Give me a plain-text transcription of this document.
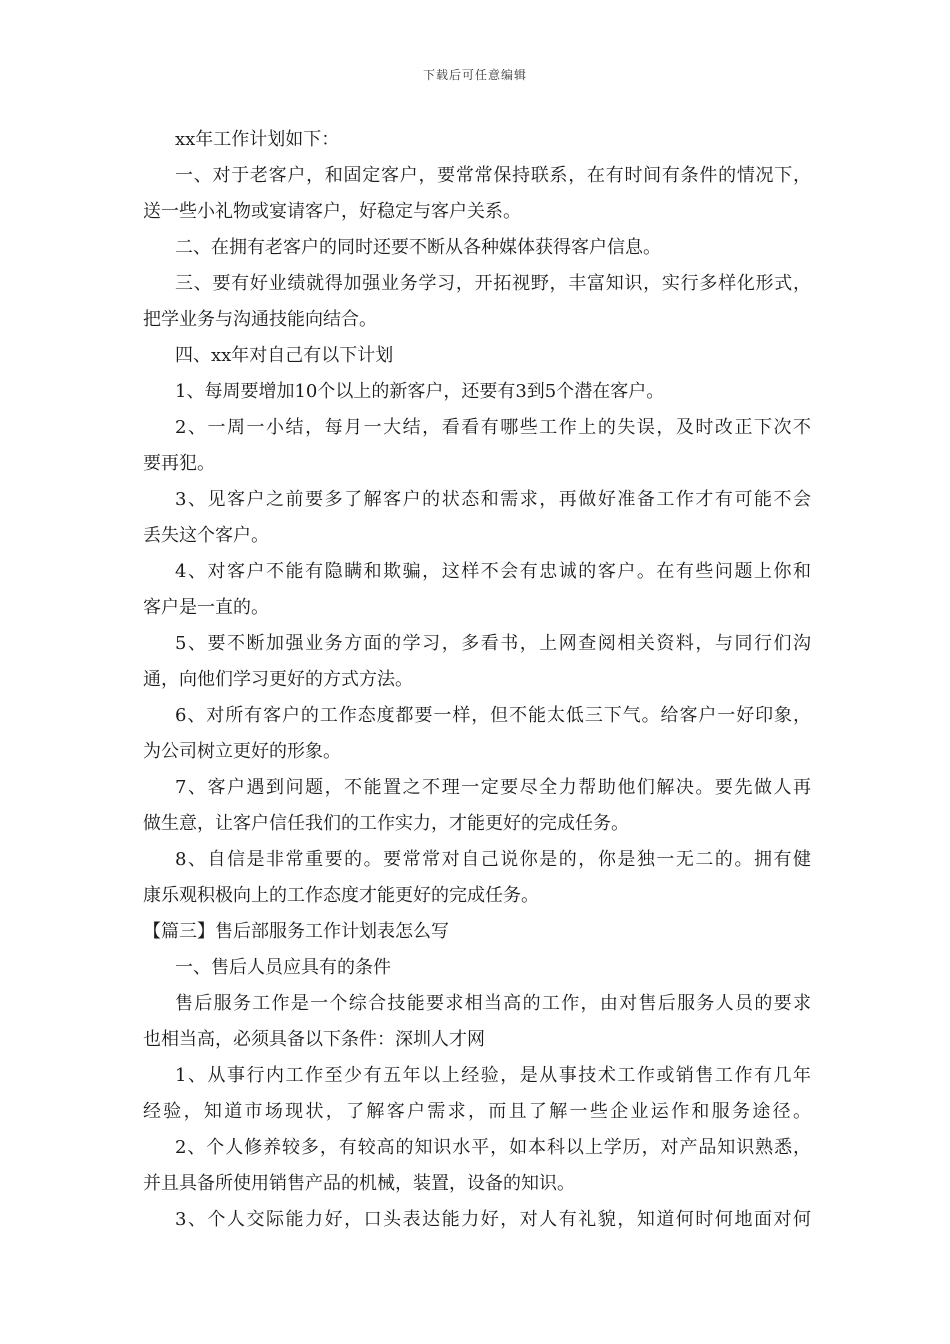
下载后可任意编辑
xx年工作计划如下：
一、对于老客户，和固定客户，要常常保持联系，在有时间有条件的情况下，
送一些小礼物或宴请客户，好稳定与客户关系。
二、在拥有老客户的同时还要不断从各种媒体获得客户信息。
三、要有好业绩就得加强业务学习，开拓视野，丰富知识，实行多样化形式，
把学业务与沟通技能向结合。
四、xx年对自己有以下计划
1、每周要增加10个以上的新客户，还要有3到5个潜在客户。
2、一周一小结，每月一大结，看看有哪些工作上的失误，及时改正下次不
要再犯。
3、见客户之前要多了解客户的状态和需求，再做好准备工作才有可能不会
丢失这个客户。
4、对客户不能有隐瞒和欺骗，这样不会有忠诚的客户。在有些问题上你和
客户是一直的。
5、要不断加强业务方面的学习，多看书，上网查阅相关资料，与同行们沟
通，向他们学习更好的方式方法。
6、对所有客户的工作态度都要一样，但不能太低三下气。给客户一好印象，
为公司树立更好的形象。
7、客户遇到问题，不能置之不理一定要尽全力帮助他们解决。要先做人再
做生意，让客户信任我们的工作实力，才能更好的完成任务。
8、自信是非常重要的。要常常对自己说你是的，你是独一无二的。拥有健
康乐观积极向上的工作态度才能更好的完成任务。
【篇三】售后部服务工作计划表怎么写
一、售后人员应具有的条件
售后服务工作是一个综合技能要求相当高的工作，由对售后服务人员的要求
也相当高，必须具备以下条件：深圳人才网
1、从事行内工作至少有五年以上经验，是从事技术工作或销售工作有几年
经验，知道市场现状，了解客户需求，而且了解一些企业运作和服务途径。
2、个人修养较多，有较高的知识水平，如本科以上学历，对产品知识熟悉，
并且具备所使用销售产品的机械，装置，设备的知识。
3、个人交际能力好，口头表达能力好，对人有礼貌，知道何时何地面对何
